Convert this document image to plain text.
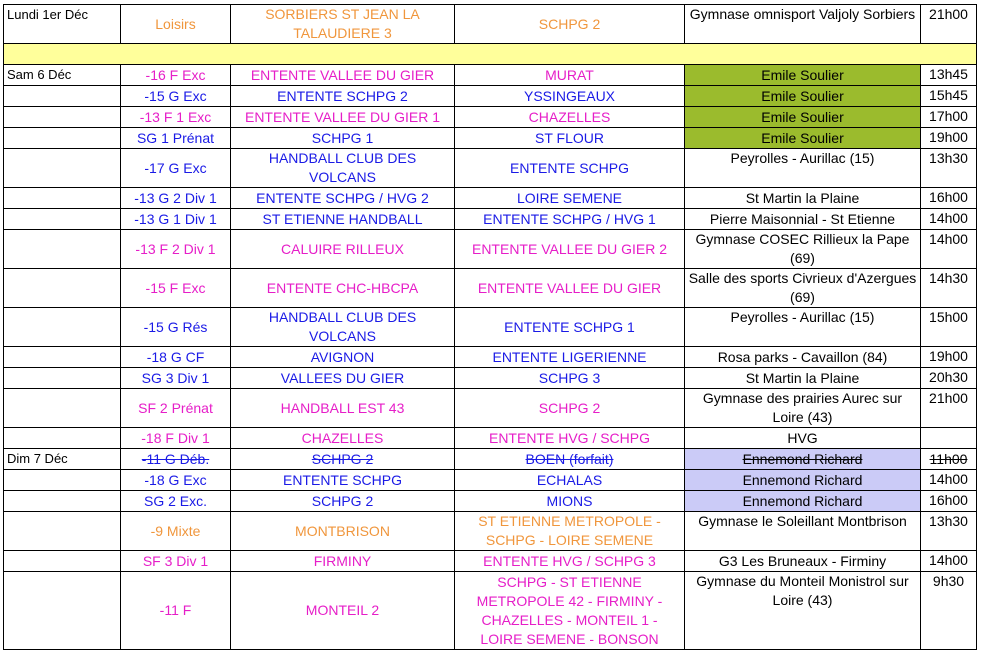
Lundi 1er Déc	Loisirs	SORBIERS ST JEAN LA TALAUDIERE 3	SCHPG 2	Gymnase omnisport Valjoly Sorbiers	21h00

Sam 6 Déc	-16 F Exc	ENTENTE VALLEE DU GIER	MURAT	Emile Soulier	13h45
	-15 G Exc	ENTENTE SCHPG 2	YSSINGEAUX	Emile Soulier	15h45
	-13 F 1 Exc	ENTENTE VALLEE DU GIER 1	CHAZELLES	Emile Soulier	17h00
	SG 1 Prénat	SCHPG 1	ST FLOUR	Emile Soulier	19h00
	-17 G Exc	HANDBALL CLUB DES VOLCANS	ENTENTE SCHPG	Peyrolles - Aurillac (15)	13h30
	-13 G 2 Div 1	ENTENTE SCHPG / HVG 2	LOIRE SEMENE	St Martin la Plaine	16h00
	-13 G 1 Div 1	ST ETIENNE HANDBALL	ENTENTE SCHPG / HVG 1	Pierre Maisonnial - St Etienne	14h00
	-13 F 2 Div 1	CALUIRE RILLEUX	ENTENTE VALLEE DU GIER 2	Gymnase COSEC Rillieux la Pape (69)	14h00
	-15 F Exc	ENTENTE CHC-HBCPA	ENTENTE VALLEE DU GIER	Salle des sports Civrieux d'Azergues (69)	14h30
	-15 G Rés	HANDBALL CLUB DES VOLCANS	ENTENTE SCHPG 1	Peyrolles - Aurillac (15)	15h00
	-18 G CF	AVIGNON	ENTENTE LIGERIENNE	Rosa parks - Cavaillon (84)	19h00
	SG 3 Div 1	VALLEES DU GIER	SCHPG 3	St Martin la Plaine	20h30
	SF 2 Prénat	HANDBALL EST 43	SCHPG 2	Gymnase des prairies Aurec sur Loire (43)	21h00
	-18 F Div 1	CHAZELLES	ENTENTE HVG / SCHPG	HVG	
Dim 7 Déc	-11 G Déb.	SCHPG 2	BOEN (forfait)	Ennemond Richard	11h00
	-18 G Exc	ENTENTE SCHPG	ECHALAS	Ennemond Richard	14h00
	SG 2 Exc.	SCHPG 2	MIONS	Ennemond Richard	16h00
	-9 Mixte	MONTBRISON	ST ETIENNE METROPOLE - SCHPG - LOIRE SEMENE	Gymnase le Soleillant Montbrison	13h30
	SF 3 Div 1	FIRMINY	ENTENTE HVG / SCHPG 3	G3 Les Bruneaux - Firminy	14h00
	-11 F	MONTEIL 2	SCHPG - ST ETIENNE METROPOLE 42 - FIRMINY - CHAZELLES - MONTEIL 1 - LOIRE SEMENE - BONSON	Gymnase du Monteil Monistrol sur Loire (43)	9h30
